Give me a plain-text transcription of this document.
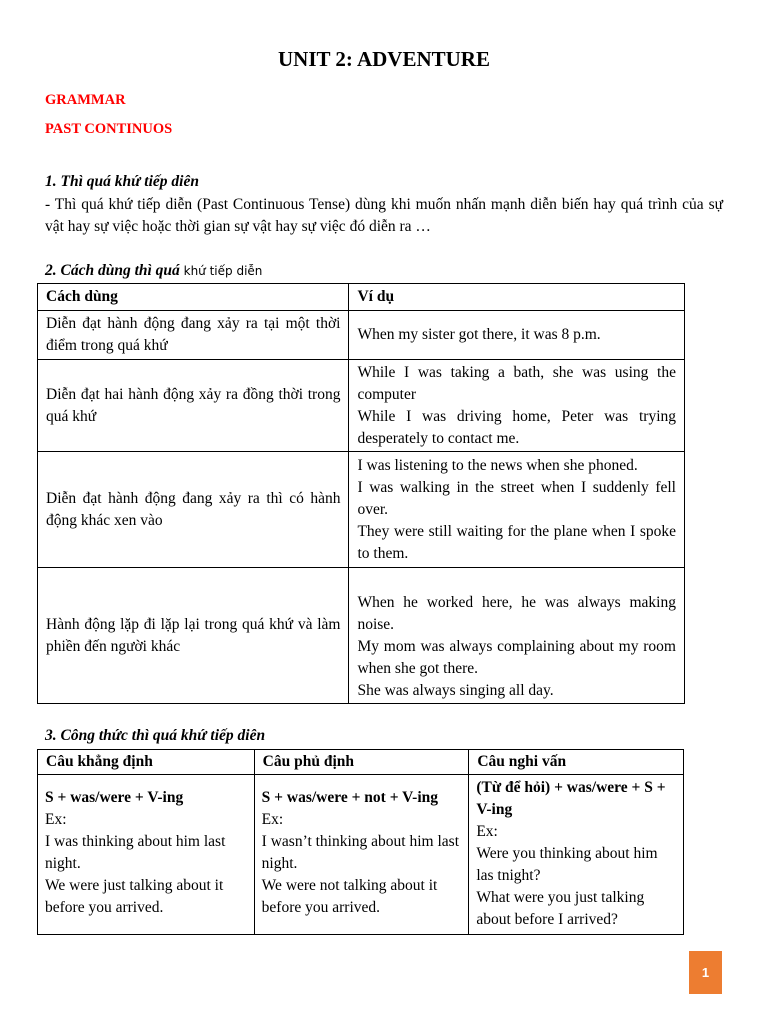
UNIT 2: ADVENTURE
GRAMMAR
PAST CONTINUOS
1. Thì quá khứ tiếp diên
- Thì quá khứ tiếp diễn (Past Continuous Tense) dùng khi muốn nhấn mạnh diễn biến hay quá trình của sự vật hay sự việc hoặc thời gian sự vật hay sự việc đó diễn ra …
2. Cách dùng thì quá khứ tiếp diễn
Cách dùng	Ví dụ
Diễn đạt hành động đang xảy ra tại một thời điểm trong quá khứ	When my sister got there, it was 8 p.m.

Diễn đạt hai hành động xảy ra đồng thời trong quá khứ	While I was taking a bath, she was using the computer
While I was driving home, Peter was trying desperately to contact me.

Diễn đạt hành động đang xảy ra thì có hành động khác xen vào	I was listening to the news when she phoned.
I was walking in the street when I suddenly fell over.
They were still waiting for the plane when I spoke to them.

Hành động lặp đi lặp lại trong quá khứ và làm phiền đến người khác	When he worked here, he was always making noise.
My mom was always complaining about my room when she got there.
She was always singing all day.
3. Công thức thì quá khứ tiếp diên
Câu khẳng định	Câu phủ định	Câu nghi vấn

S + was/were + V-ing
Ex:
I was thinking about him last night.
We were just talking about it before you arrived.	S + was/were + not + V-ing
Ex:
I wasn’t thinking about him last night.
We were not talking about it before you arrived.	(Từ để hỏi) + was/were + S + V-ing
Ex:
Were you thinking about him las tnight?
What were you just talking about before I arrived?
1
